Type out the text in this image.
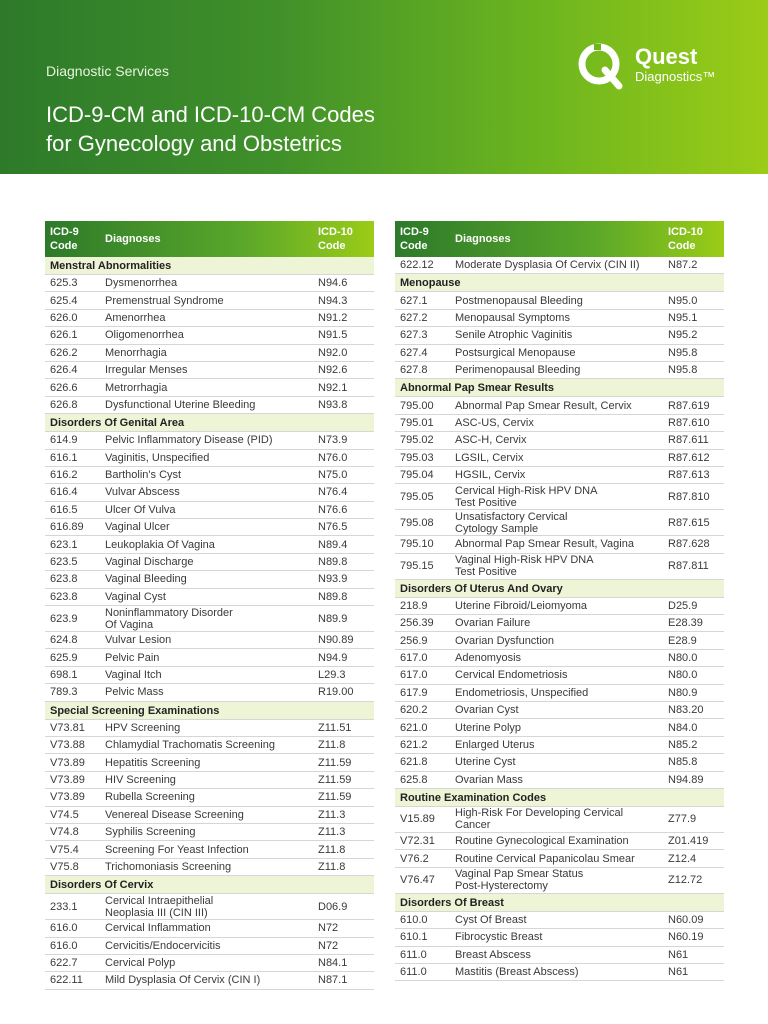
Diagnostic Services
ICD-9-CM and ICD-10-CM Codes
for Gynecology and Obstetrics
Quest
Diagnostics™
ICD-9
Code
Diagnoses
ICD-10
Code
Menstral Abnormalities
625.3	Dysmenorrhea	N94.6
625.4	Premenstrual Syndrome	N94.3
626.0	Amenorrhea	N91.2
626.1	Oligomenorrhea	N91.5
626.2	Menorrhagia	N92.0
626.4	Irregular Menses	N92.6
626.6	Metrorrhagia	N92.1
626.8	Dysfunctional Uterine Bleeding	N93.8
Disorders Of Genital Area
614.9	Pelvic Inflammatory Disease (PID)	N73.9
616.1	Vaginitis, Unspecified	N76.0
616.2	Bartholin's Cyst	N75.0
616.4	Vulvar Abscess	N76.4
616.5	Ulcer Of Vulva	N76.6
616.89	Vaginal Ulcer	N76.5
623.1	Leukoplakia Of Vagina	N89.4
623.5	Vaginal Discharge	N89.8
623.8	Vaginal Bleeding	N93.9
623.8	Vaginal Cyst	N89.8
623.9	Noninflammatory Disorder
Of Vagina	N89.9
624.8	Vulvar Lesion	N90.89
625.9	Pelvic Pain	N94.9
698.1	Vaginal Itch	L29.3
789.3	Pelvic Mass	R19.00
Special Screening Examinations
V73.81	HPV Screening	Z11.51
V73.88	Chlamydial Trachomatis Screening	Z11.8
V73.89	Hepatitis Screening	Z11.59
V73.89	HIV Screening	Z11.59
V73.89	Rubella Screening	Z11.59
V74.5	Venereal Disease Screening	Z11.3
V74.8	Syphilis Screening	Z11.3
V75.4	Screening For Yeast Infection	Z11.8
V75.8	Trichomoniasis Screening	Z11.8
Disorders Of Cervix
233.1	Cervical Intraepithelial
Neoplasia III (CIN III)	D06.9
616.0	Cervical Inflammation	N72
616.0	Cervicitis/Endocervicitis	N72
622.7	Cervical Polyp	N84.1
622.11	Mild Dysplasia Of Cervix (CIN I)	N87.1
ICD-9
Code
Diagnoses
ICD-10
Code
622.12	Moderate Dysplasia Of Cervix (CIN II)	N87.2
Menopause
627.1	Postmenopausal Bleeding	N95.0
627.2	Menopausal Symptoms	N95.1
627.3	Senile Atrophic Vaginitis	N95.2
627.4	Postsurgical Menopause	N95.8
627.8	Perimenopausal Bleeding	N95.8
Abnormal Pap Smear Results
795.00	Abnormal Pap Smear Result, Cervix	R87.619
795.01	ASC-US, Cervix	R87.610
795.02	ASC-H, Cervix	R87.611
795.03	LGSIL, Cervix	R87.612
795.04	HGSIL, Cervix	R87.613
795.05	Cervical High-Risk HPV DNA
Test Positive	R87.810
795.08	Unsatisfactory Cervical
Cytology Sample	R87.615
795.10	Abnormal Pap Smear Result, Vagina	R87.628
795.15	Vaginal High-Risk HPV DNA
Test Positive	R87.811
Disorders Of Uterus And Ovary
218.9	Uterine Fibroid/Leiomyoma	D25.9
256.39	Ovarian Failure	E28.39
256.9	Ovarian Dysfunction	E28.9
617.0	Adenomyosis	N80.0
617.0	Cervical Endometriosis	N80.0
617.9	Endometriosis, Unspecified	N80.9
620.2	Ovarian Cyst	N83.20
621.0	Uterine Polyp	N84.0
621.2	Enlarged Uterus	N85.2
621.8	Uterine Cyst	N85.8
625.8	Ovarian Mass	N94.89
Routine Examination Codes
V15.89	High-Risk For Developing Cervical
Cancer	Z77.9
V72.31	Routine Gynecological Examination	Z01.419
V76.2	Routine Cervical Papanicolau Smear	Z12.4
V76.47	Vaginal Pap Smear Status
Post-Hysterectomy	Z12.72
Disorders Of Breast
610.0	Cyst Of Breast	N60.09
610.1	Fibrocystic Breast	N60.19
611.0	Breast Abscess	N61
611.0	Mastitis (Breast Abscess)	N61
